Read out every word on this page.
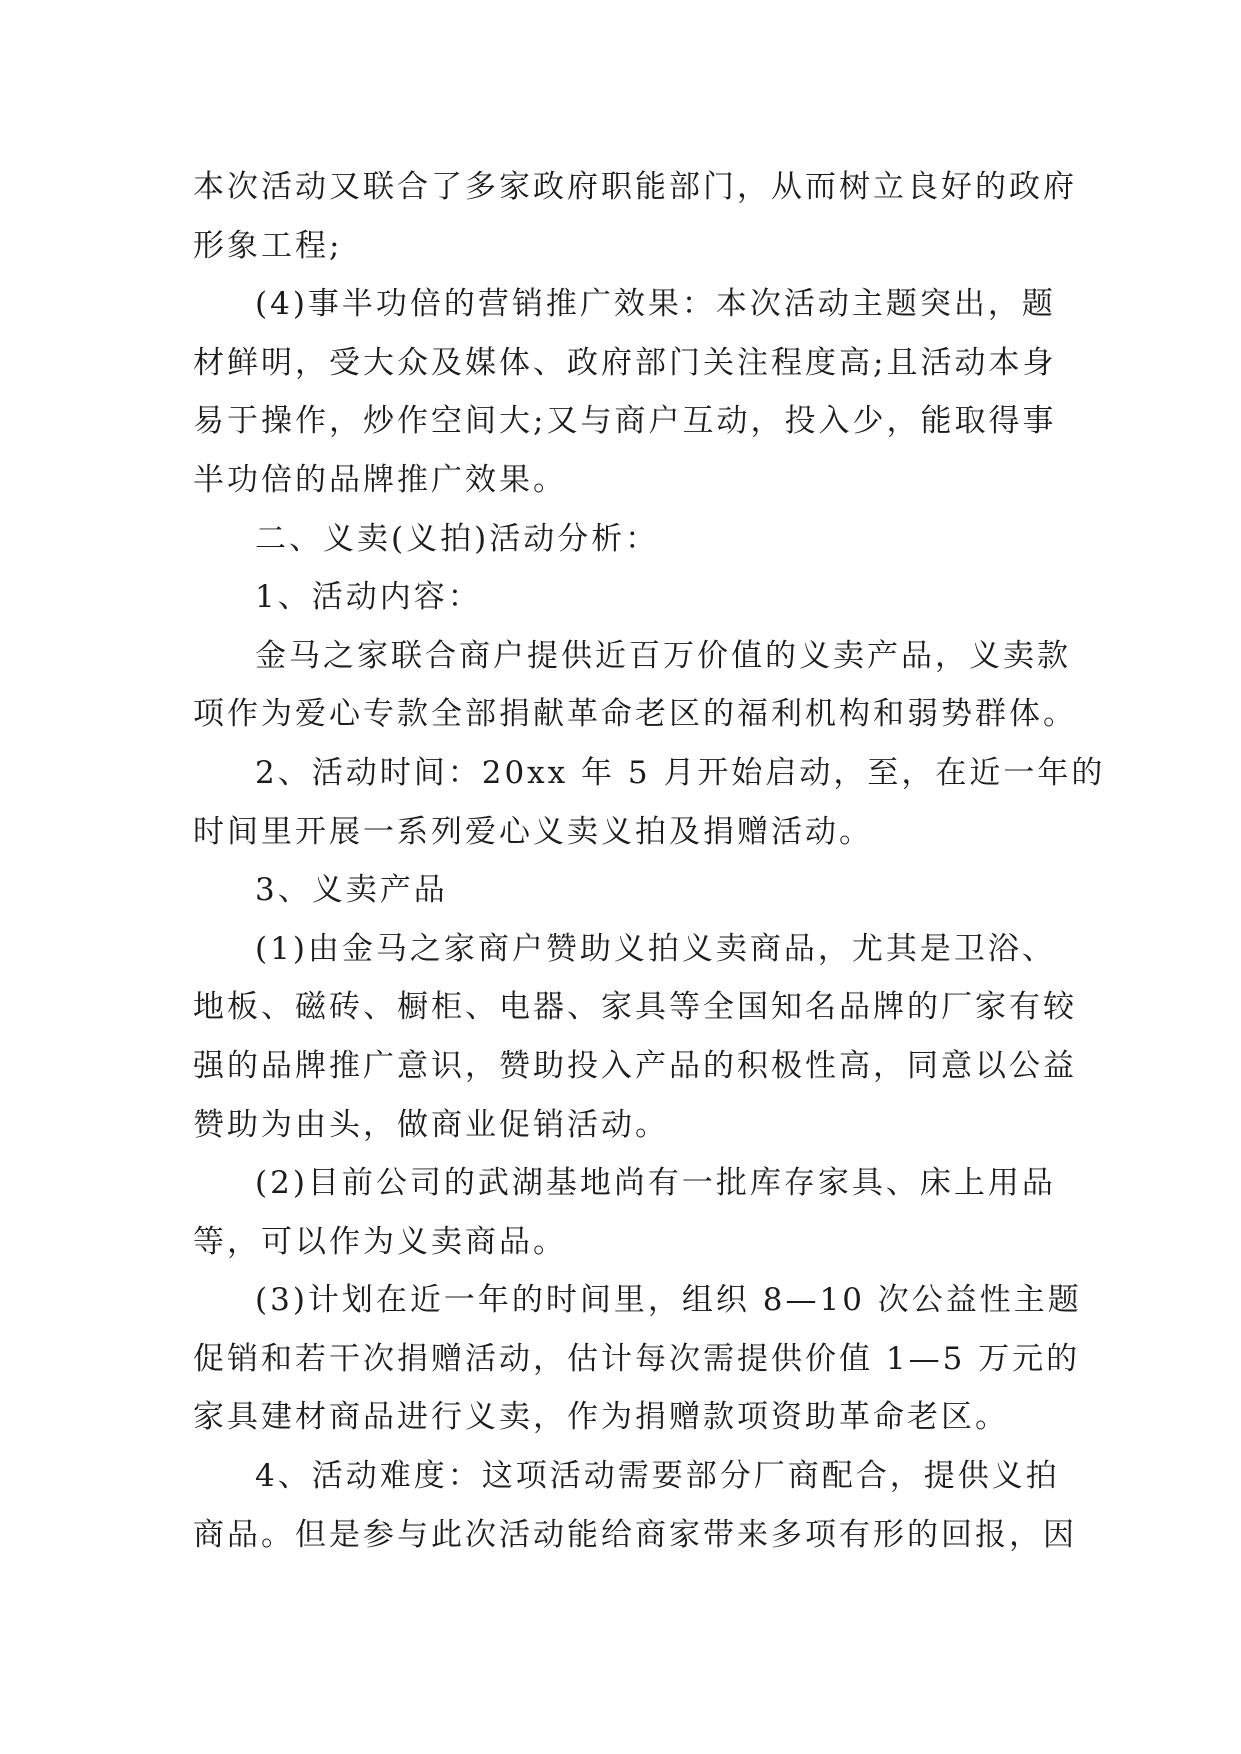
本次活动又联合了多家政府职能部门，从而树立良好的政府
形象工程;
(4)事半功倍的营销推广效果：本次活动主题突出，题
材鲜明，受大众及媒体、政府部门关注程度高;且活动本身
易于操作，炒作空间大;又与商户互动，投入少，能取得事
半功倍的品牌推广效果。
二、义卖(义拍)活动分析：
1、活动内容：
金马之家联合商户提供近百万价值的义卖产品，义卖款
项作为爱心专款全部捐献革命老区的福利机构和弱势群体。
2、活动时间：20xx 年 5 月开始启动，至，在近一年的
时间里开展一系列爱心义卖义拍及捐赠活动。
3、义卖产品
(1)由金马之家商户赞助义拍义卖商品，尤其是卫浴、
地板、磁砖、橱柜、电器、家具等全国知名品牌的厂家有较
强的品牌推广意识，赞助投入产品的积极性高，同意以公益
赞助为由头，做商业促销活动。
(2)目前公司的武湖基地尚有一批库存家具、床上用品
等，可以作为义卖商品。
(3)计划在近一年的时间里，组织 8—10 次公益性主题
促销和若干次捐赠活动，估计每次需提供价值 1—5 万元的
家具建材商品进行义卖，作为捐赠款项资助革命老区。
4、活动难度：这项活动需要部分厂商配合，提供义拍
商品。但是参与此次活动能给商家带来多项有形的回报，因
